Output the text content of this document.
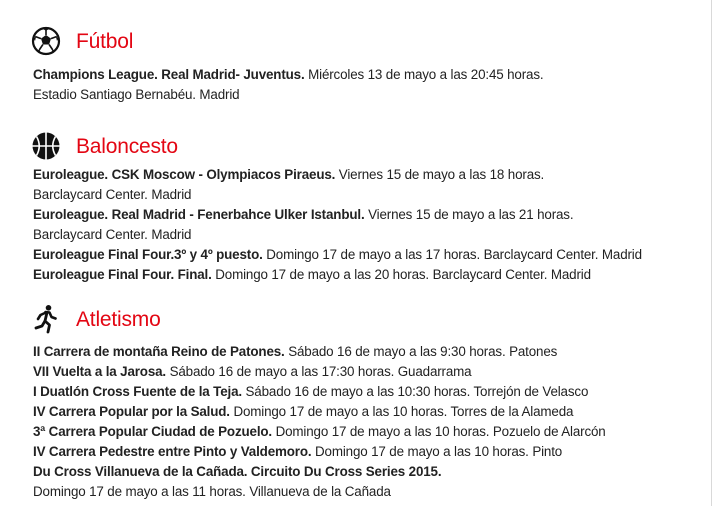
Fútbol
Champions League. Real Madrid- Juventus. Miércoles 13 de mayo a las 20:45 horas.
Estadio Santiago Bernabéu. Madrid
Baloncesto
Euroleague. CSK Moscow - Olympiacos Piraeus. Viernes 15 de mayo a las 18 horas.
Barclaycard Center. Madrid
Euroleague. Real Madrid - Fenerbahce Ulker Istanbul. Viernes 15 de mayo a las 21 horas.
Barclaycard Center. Madrid
Euroleague Final Four.3º y 4º puesto. Domingo 17 de mayo a las 17 horas. Barclaycard Center. Madrid
Euroleague Final Four. Final. Domingo 17 de mayo a las 20 horas. Barclaycard Center. Madrid
Atletismo
II Carrera de montaña Reino de Patones. Sábado 16 de mayo a las 9:30 horas. Patones
VII Vuelta a la Jarosa. Sábado 16 de mayo a las 17:30 horas. Guadarrama
I Duatlón Cross Fuente de la Teja. Sábado 16 de mayo a las 10:30 horas. Torrejón de Velasco
IV Carrera Popular por la Salud. Domingo 17 de mayo a las 10 horas. Torres de la Alameda
3ª Carrera Popular Ciudad de Pozuelo. Domingo 17 de mayo a las 10 horas. Pozuelo de Alarcón
IV Carrera Pedestre entre Pinto y Valdemoro. Domingo 17 de mayo a las 10 horas. Pinto
Du Cross Villanueva de la Cañada. Circuito Du Cross Series 2015.
Domingo 17 de mayo a las 11 horas. Villanueva de la Cañada
